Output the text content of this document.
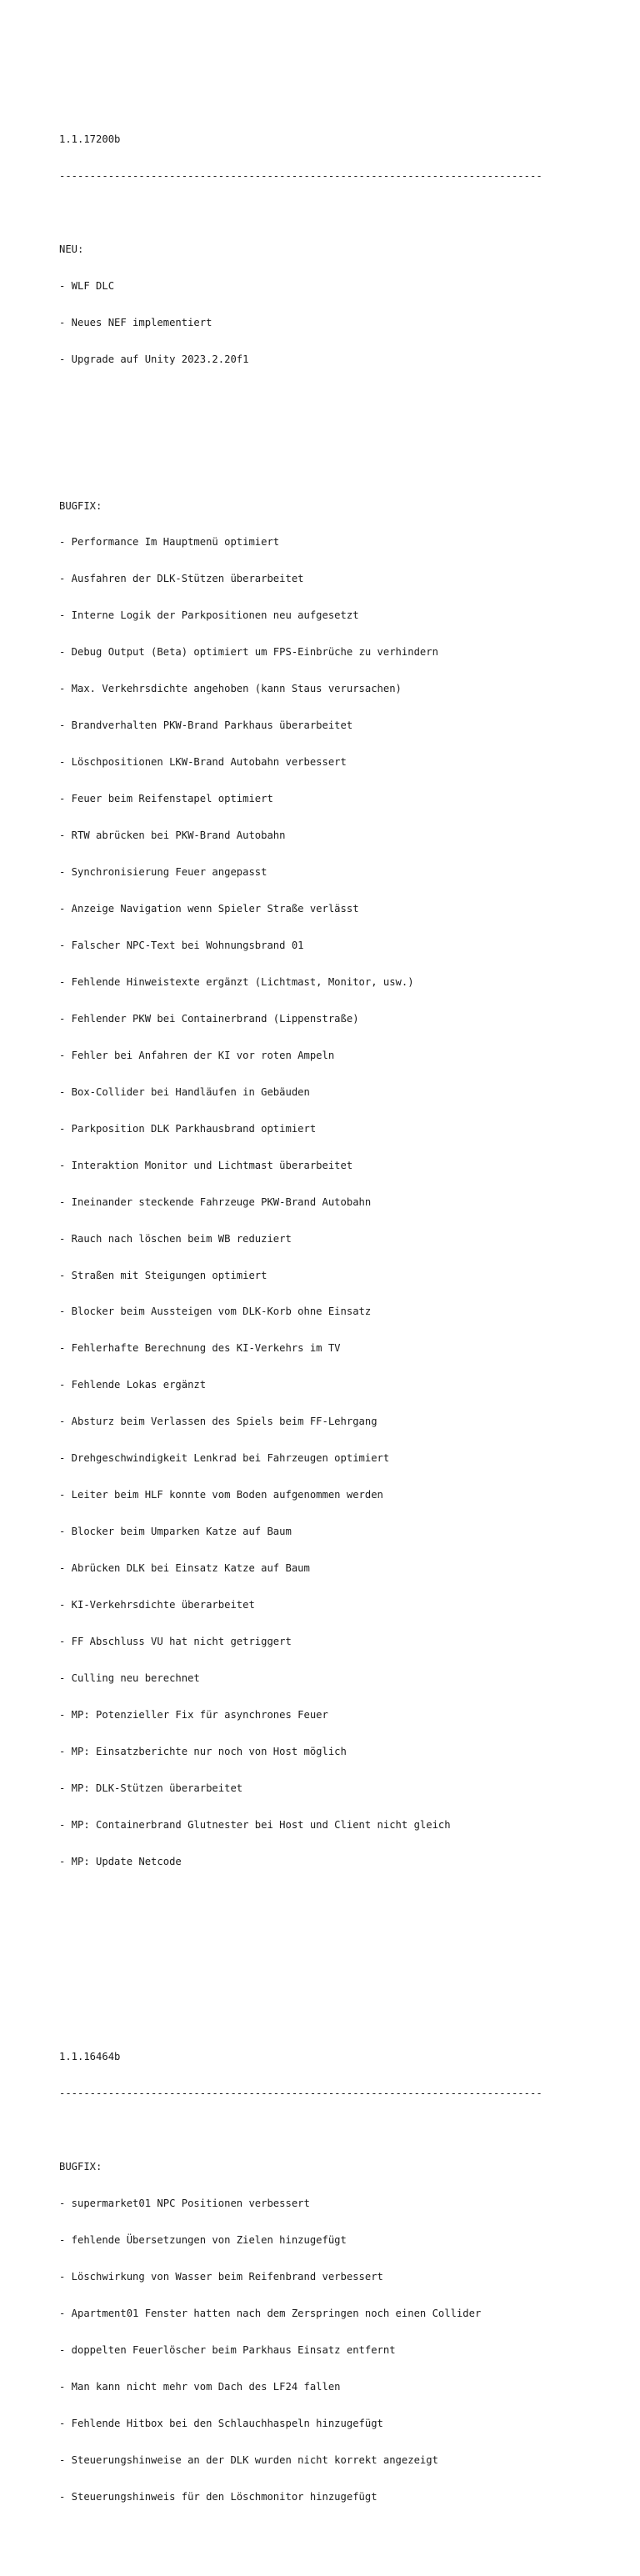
1.1.17200b

-------------------------------------------------------------------------------

NEU:

- WLF DLC

- Neues NEF implementiert

- Upgrade auf Unity 2023.2.20f1

BUGFIX:

- Performance Im Hauptmenü optimiert

- Ausfahren der DLK-Stützen überarbeitet

- Interne Logik der Parkpositionen neu aufgesetzt

- Debug Output (Beta) optimiert um FPS-Einbrüche zu verhindern

- Max. Verkehrsdichte angehoben (kann Staus verursachen)

- Brandverhalten PKW-Brand Parkhaus überarbeitet

- Löschpositionen LKW-Brand Autobahn verbessert

- Feuer beim Reifenstapel optimiert

- RTW abrücken bei PKW-Brand Autobahn

- Synchronisierung Feuer angepasst

- Anzeige Navigation wenn Spieler Straße verlässt

- Falscher NPC-Text bei Wohnungsbrand 01

- Fehlende Hinweistexte ergänzt (Lichtmast, Monitor, usw.)

- Fehlender PKW bei Containerbrand (Lippenstraße)

- Fehler bei Anfahren der KI vor roten Ampeln

- Box-Collider bei Handläufen in Gebäuden

- Parkposition DLK Parkhausbrand optimiert

- Interaktion Monitor und Lichtmast überarbeitet

- Ineinander steckende Fahrzeuge PKW-Brand Autobahn

- Rauch nach löschen beim WB reduziert

- Straßen mit Steigungen optimiert

- Blocker beim Aussteigen vom DLK-Korb ohne Einsatz

- Fehlerhafte Berechnung des KI-Verkehrs im TV

- Fehlende Lokas ergänzt

- Absturz beim Verlassen des Spiels beim FF-Lehrgang

- Drehgeschwindigkeit Lenkrad bei Fahrzeugen optimiert

- Leiter beim HLF konnte vom Boden aufgenommen werden

- Blocker beim Umparken Katze auf Baum

- Abrücken DLK bei Einsatz Katze auf Baum

- KI-Verkehrsdichte überarbeitet

- FF Abschluss VU hat nicht getriggert

- Culling neu berechnet

- MP: Potenzieller Fix für asynchrones Feuer

- MP: Einsatzberichte nur noch von Host möglich

- MP: DLK-Stützen überarbeitet

- MP: Containerbrand Glutnester bei Host und Client nicht gleich

- MP: Update Netcode

1.1.16464b

-------------------------------------------------------------------------------

BUGFIX:

- supermarket01 NPC Positionen verbessert

- fehlende Übersetzungen von Zielen hinzugefügt

- Löschwirkung von Wasser beim Reifenbrand verbessert

- Apartment01 Fenster hatten nach dem Zerspringen noch einen Collider

- doppelten Feuerlöscher beim Parkhaus Einsatz entfernt

- Man kann nicht mehr vom Dach des LF24 fallen

- Fehlende Hitbox bei den Schlauchhaspeln hinzugefügt

- Steuerungshinweise an der DLK wurden nicht korrekt angezeigt

- Steuerungshinweis für den Löschmonitor hinzugefügt
